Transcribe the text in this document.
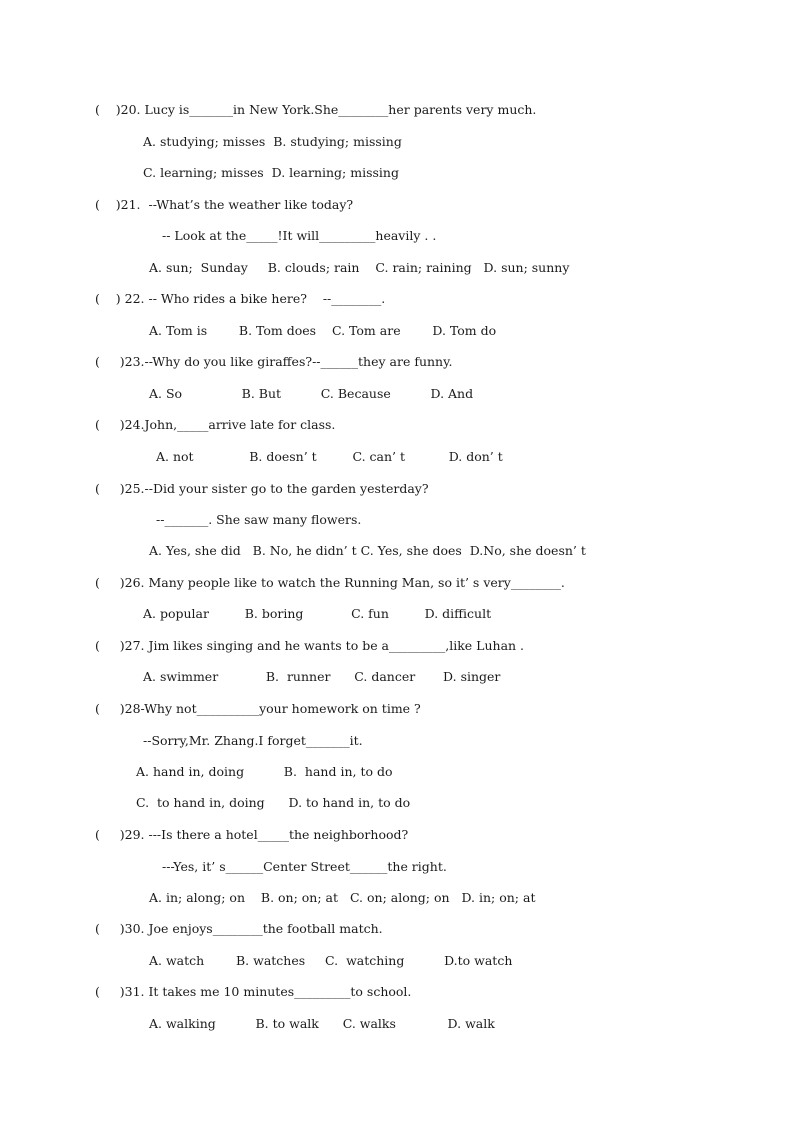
(    )20. Lucy is_______in New York.She________her parents very much.
A. studying; misses  B. studying; missing
C. learning; misses  D. learning; missing
(    )21.  --What’s the weather like today?
-- Look at the_____!It will_________heavily . .
A. sun;  Sunday     B. clouds; rain    C. rain; raining   D. sun; sunny
(    ) 22. -- Who rides a bike here?    --________.
A. Tom is        B. Tom does    C. Tom are        D. Tom do
(     )23.--Why do you like giraffes?--______they are funny.
A. So               B. But          C. Because          D. And
(     )24.John,_____arrive late for class.
A. not              B. doesn’ t         C. can’ t           D. don’ t
(     )25.--Did your sister go to the garden yesterday?
--_______. She saw many flowers.
A. Yes, she did   B. No, he didn’ t C. Yes, she does  D.No, she doesn’ t
(     )26. Many people like to watch the Running Man, so it’ s very________.
A. popular         B. boring            C. fun         D. difficult
(     )27. Jim likes singing and he wants to be a_________,like Luhan .
A. swimmer            B.  runner      C. dancer       D. singer
(     )28-Why not__________your homework on time ?
--Sorry,Mr. Zhang.I forget_______it.
A. hand in, doing          B.  hand in, to do
C.  to hand in, doing      D. to hand in, to do
(     )29. ---Is there a hotel_____the neighborhood?
---Yes, it’ s______Center Street______the right.
A. in; along; on    B. on; on; at   C. on; along; on   D. in; on; at
(     )30. Joe enjoys________the football match.
A. watch        B. watches     C.  watching          D.to watch
(     )31. It takes me 10 minutes_________to school.
A. walking          B. to walk      C. walks             D. walk
